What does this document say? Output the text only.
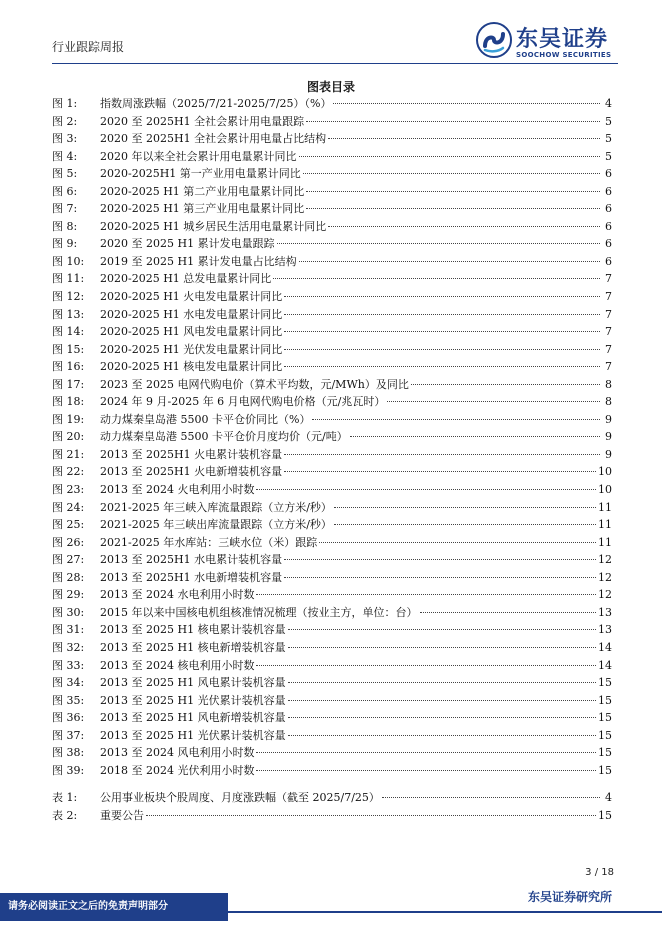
行业跟踪周报	东吴证券
SOOCHOW SECURITIES
图表目录
图 1:	指数周涨跌幅（2025/7/21-2025/7/25）（%）	4
图 2:	2020 至 2025H1 全社会累计用电量跟踪	5
图 3:	2020 至 2025H1 全社会累计用电量占比结构	5
图 4:	2020 年以来全社会累计用电量累计同比	5
图 5:	2020-2025H1 第一产业用电量累计同比	6
图 6:	2020-2025 H1 第二产业用电量累计同比	6
图 7:	2020-2025 H1 第三产业用电量累计同比	6
图 8:	2020-2025 H1 城乡居民生活用电量累计同比	6
图 9:	2020 至 2025 H1 累计发电量跟踪	6
图 10:	2019 至 2025 H1 累计发电量占比结构	6
图 11:	2020-2025 H1 总发电量累计同比	7
图 12:	2020-2025 H1 火电发电量累计同比	7
图 13:	2020-2025 H1 水电发电量累计同比	7
图 14:	2020-2025 H1 风电发电量累计同比	7
图 15:	2020-2025 H1 光伏发电量累计同比	7
图 16:	2020-2025 H1 核电发电量累计同比	7
图 17:	2023 至 2025 电网代购电价（算术平均数，元/MWh）及同比	8
图 18:	2024 年 9 月-2025 年 6 月电网代购电价格（元/兆瓦时）	8
图 19:	动力煤秦皇岛港 5500 卡平仓价同比（%）	9
图 20:	动力煤秦皇岛港 5500 卡平仓价月度均价（元/吨）	9
图 21:	2013 至 2025H1 火电累计装机容量	9
图 22:	2013 至 2025H1 火电新增装机容量	10
图 23:	2013 至 2024 火电利用小时数	10
图 24:	2021-2025 年三峡入库流量跟踪（立方米/秒）	11
图 25:	2021-2025 年三峡出库流量跟踪（立方米/秒）	11
图 26:	2021-2025 年水库站：三峡水位（米）跟踪	11
图 27:	2013 至 2025H1 水电累计装机容量	12
图 28:	2013 至 2025H1 水电新增装机容量	12
图 29:	2013 至 2024 水电利用小时数	12
图 30:	2015 年以来中国核电机组核准情况梳理（按业主方，单位：台）	13
图 31:	2013 至 2025 H1 核电累计装机容量	13
图 32:	2013 至 2025 H1 核电新增装机容量	14
图 33:	2013 至 2024 核电利用小时数	14
图 34:	2013 至 2025 H1 风电累计装机容量	15
图 35:	2013 至 2025 H1 光伏累计装机容量	15
图 36:	2013 至 2025 H1 风电新增装机容量	15
图 37:	2013 至 2025 H1 光伏累计装机容量	15
图 38:	2013 至 2024 风电利用小时数	15
图 39:	2018 至 2024 光伏利用小时数	15
表 1:	公用事业板块个股周度、月度涨跌幅（截至 2025/7/25）	4
表 2:	重要公告	15
3 / 18
请务必阅读正文之后的免责声明部分
东吴证券研究所
